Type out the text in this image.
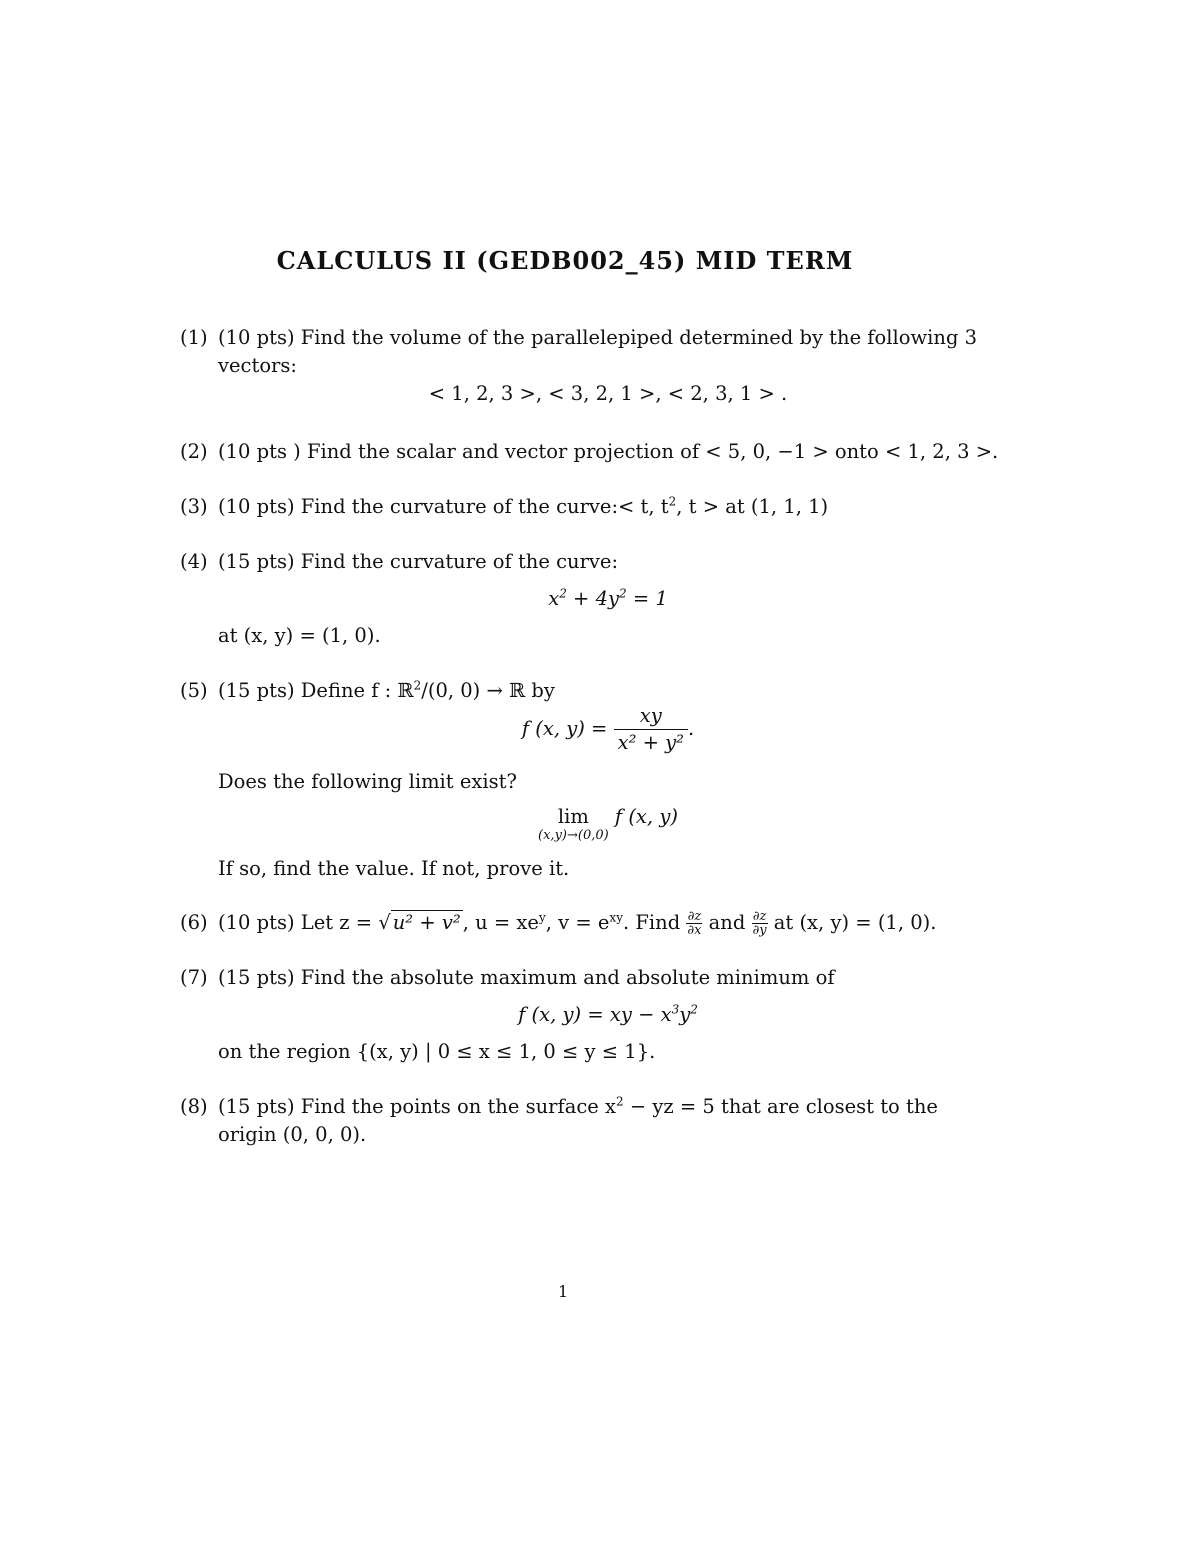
CALCULUS II (GEDB002_45) MID TERM
(1) (10 pts) Find the volume of the parallelepiped determined by the following 3
vectors:
< 1, 2, 3 >, < 3, 2, 1 >, < 2, 3, 1 > .
(2) (10 pts ) Find the scalar and vector projection of < 5, 0, −1 > onto < 1, 2, 3 >.
(3) (10 pts) Find the curvature of the curve:< t, $t^2$, t > at (1, 1, 1)
(4) (15 pts) Find the curvature of the curve:
$x^2 + 4y^2 = 1$
at (x, y) = (1, 0).
(5) (15 pts) Define f : ℝ$^2$/(0, 0) → ℝ by
f (x, $y) = \frac{xy}{\text{x² + y²}}$ .
Does the following limit exist?
lim
(x,y)→(0,0)
f (x, y)
If so, find the value. If not, prove it.
(6) (10 pts) Let z = √ u² + v² , $u = xe^y$, $v = e^{xy}$. Find $\frac{\partial z}{\partial x}$ and $\frac{\partial z}{\partial y}$ at (x, y) = (1, 0).
(7) (15 pts) Find the absolute maximum and absolute minimum of
f (x, y) = xy − $x^3y^2$
on the region {(x, y) | 0 ≤ x ≤ 1, 0 ≤ y ≤ 1}.
(8) (15 pts) Find the points on the surface $x^2$ − yz = 5 that are closest to the
origin (0, 0, 0).
1
